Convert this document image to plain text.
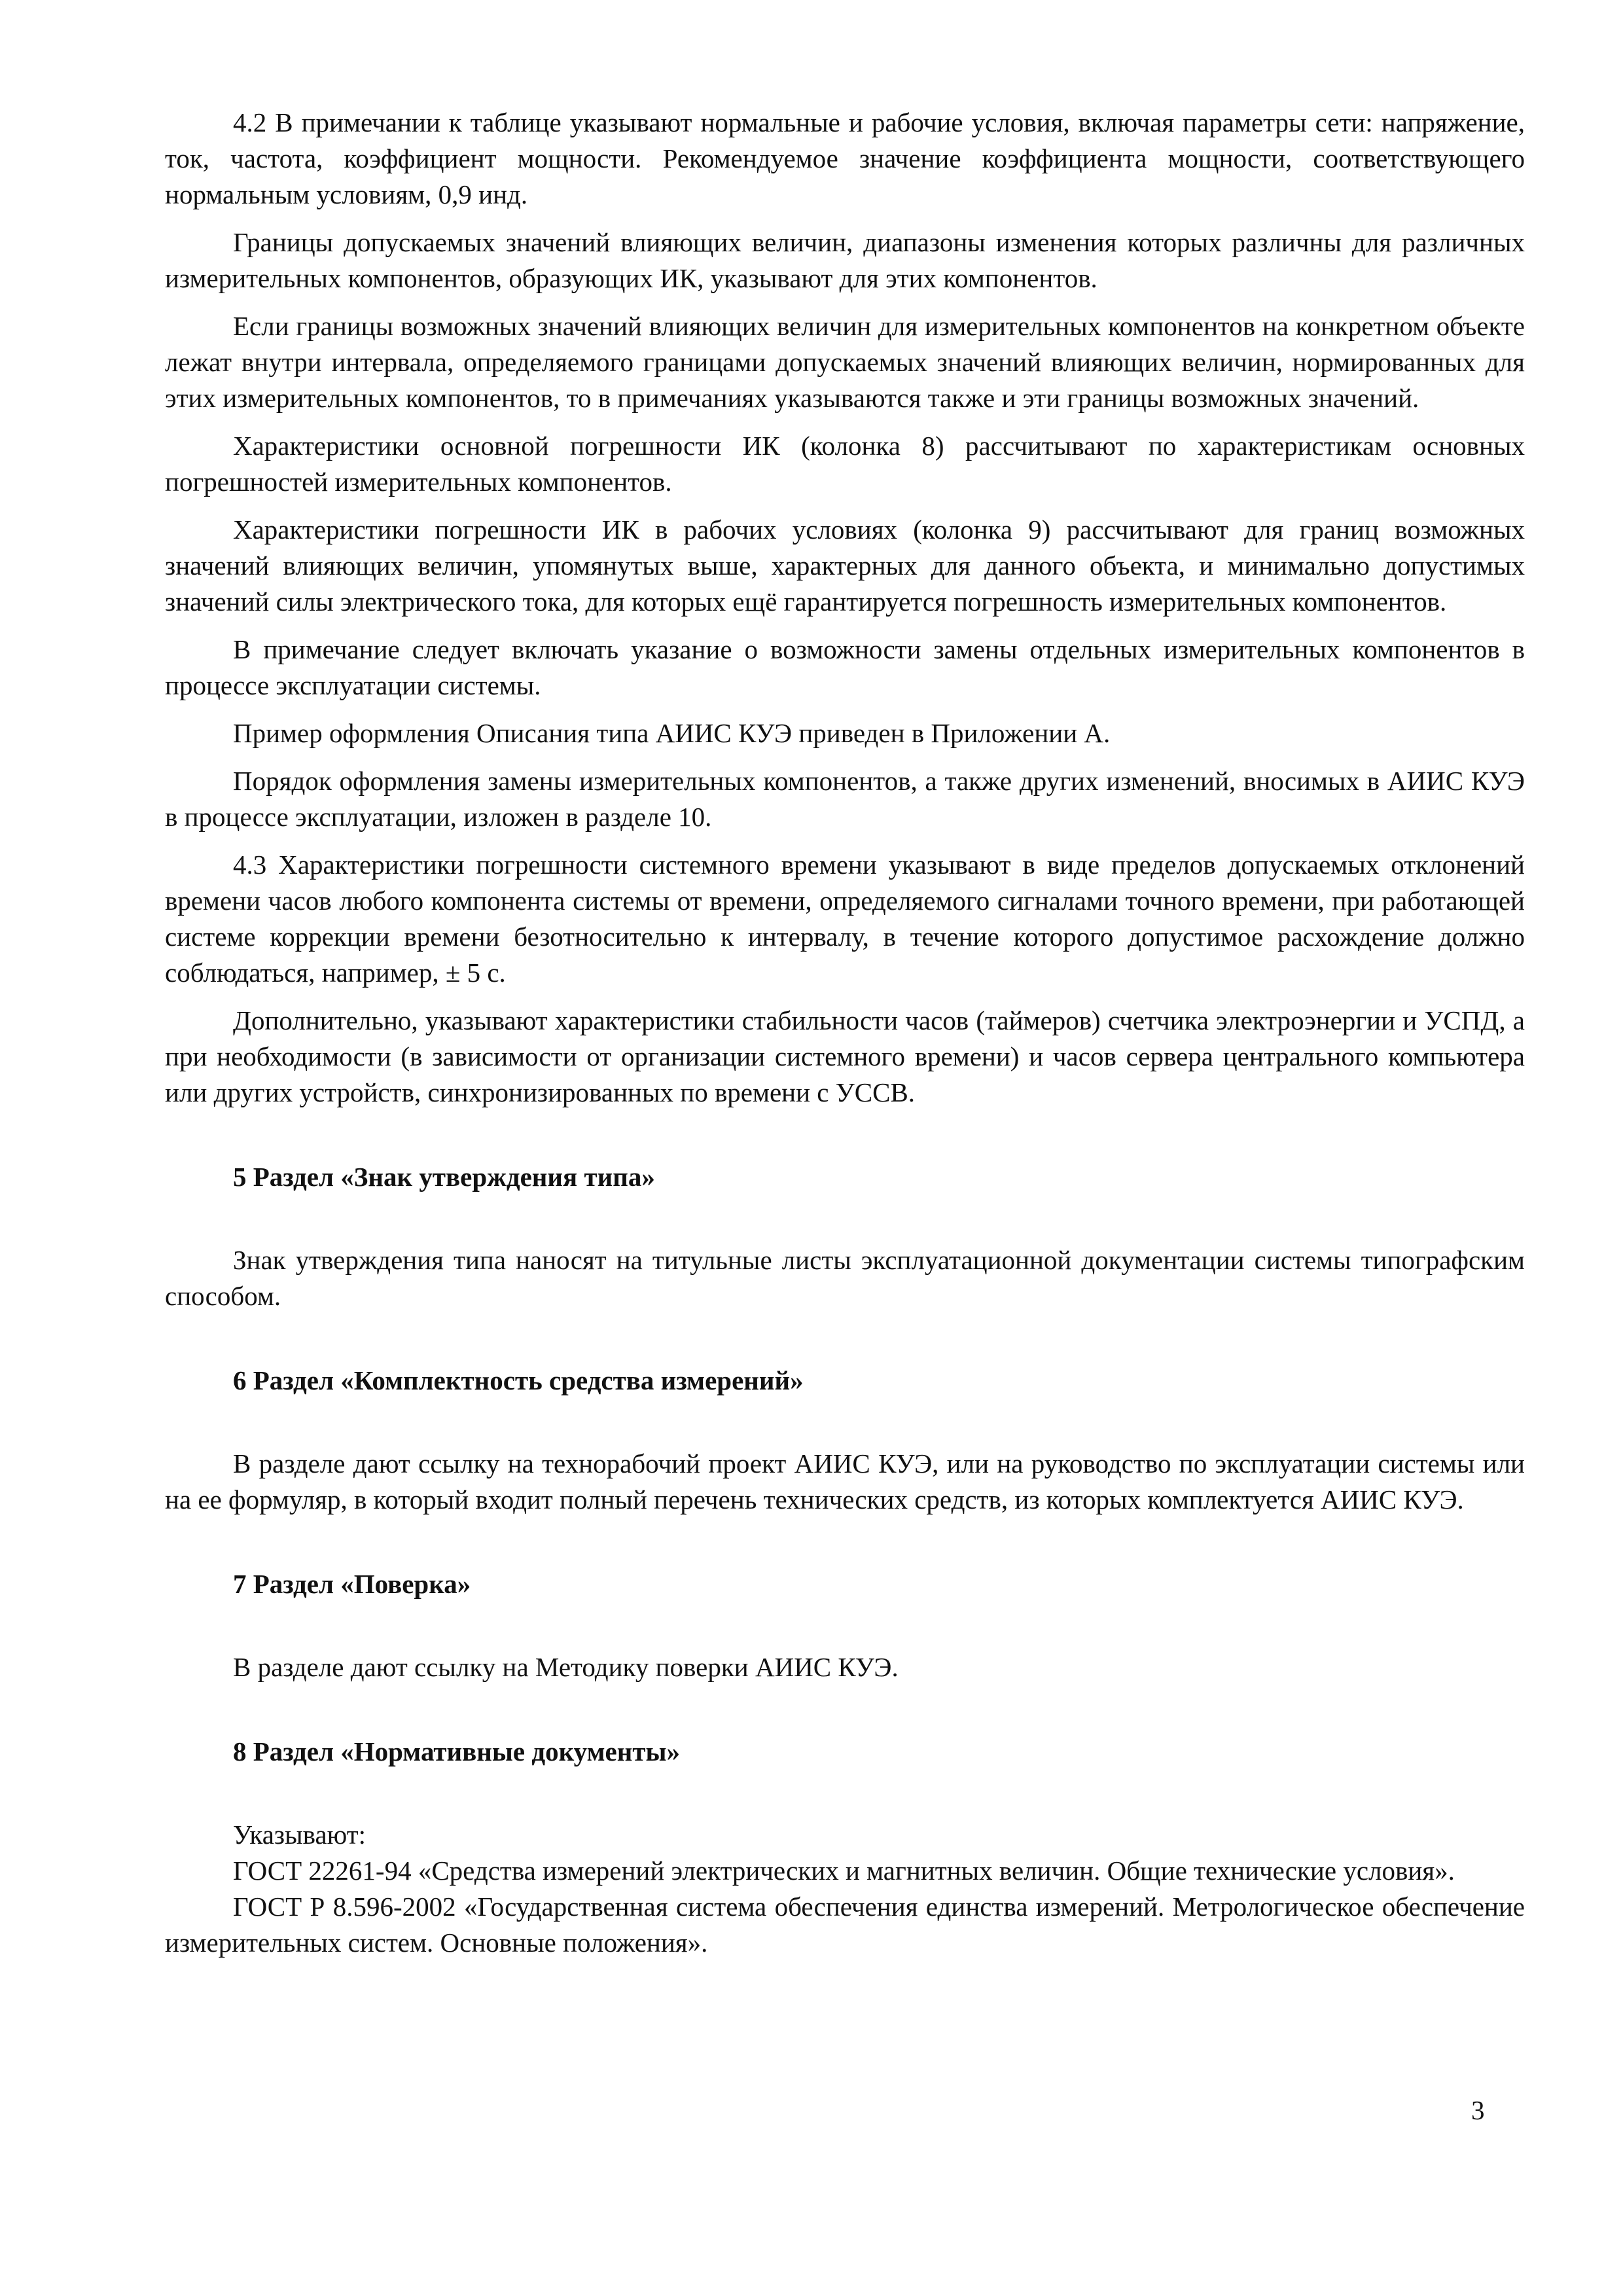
4.2 В примечании к таблице указывают нормальные и рабочие условия, включая параметры сети: напряжение, ток, частота, коэффициент мощности. Рекомендуемое значение коэффициента мощности, соответствующего нормальным условиям, 0,9 инд.

Границы допускаемых значений влияющих величин, диапазоны изменения которых различны для различных измерительных компонентов, образующих ИК, указывают для этих компонентов.

Если границы возможных значений влияющих величин для измерительных компонентов на конкретном объекте лежат внутри интервала, определяемого границами допускаемых значений влияющих величин, нормированных для этих измерительных компонентов, то в примечаниях указываются также и эти границы возможных значений.

Характеристики основной погрешности ИК (колонка 8) рассчитывают по характеристикам основных погрешностей измерительных компонентов.

Характеристики погрешности ИК в рабочих условиях (колонка 9) рассчитывают для границ возможных значений влияющих величин, упомянутых выше, характерных для данного объекта, и минимально допустимых значений силы электрического тока, для которых ещё гарантируется погрешность измерительных компонентов.

В примечание следует включать указание о возможности замены отдельных измерительных компонентов в процессе эксплуатации системы.

Пример оформления Описания типа АИИС КУЭ приведен в Приложении А.

Порядок оформления замены измерительных компонентов, а также других изменений, вносимых в АИИС КУЭ в процессе эксплуатации, изложен в разделе 10.

4.3 Характеристики погрешности системного времени указывают в виде пределов допускаемых отклонений времени часов любого компонента системы от времени, определяемого сигналами точного времени, при работающей системе коррекции времени безотносительно к интервалу, в течение которого допустимое расхождение должно соблюдаться, например, ± 5 с.

Дополнительно, указывают характеристики стабильности часов (таймеров) счетчика электроэнергии и УСПД, а при необходимости (в зависимости от организации системного времени) и часов сервера центрального компьютера или других устройств, синхронизированных по времени с УССВ.

5 Раздел «Знак утверждения типа»

Знак утверждения типа наносят на титульные листы эксплуатационной документации системы типографским способом.

6 Раздел «Комплектность средства измерений»

В разделе дают ссылку на технорабочий проект АИИС КУЭ, или на руководство по эксплуатации системы или на ее формуляр, в который входит полный перечень технических средств, из которых комплектуется АИИС КУЭ.

7 Раздел «Поверка»

В разделе дают ссылку на Методику поверки АИИС КУЭ.

8 Раздел «Нормативные документы»

Указывают:

ГОСТ 22261-94 «Средства измерений электрических и магнитных величин. Общие технические условия».

ГОСТ Р 8.596-2002 «Государственная система обеспечения единства измерений. Метрологическое обеспечение измерительных систем. Основные положения».

3
